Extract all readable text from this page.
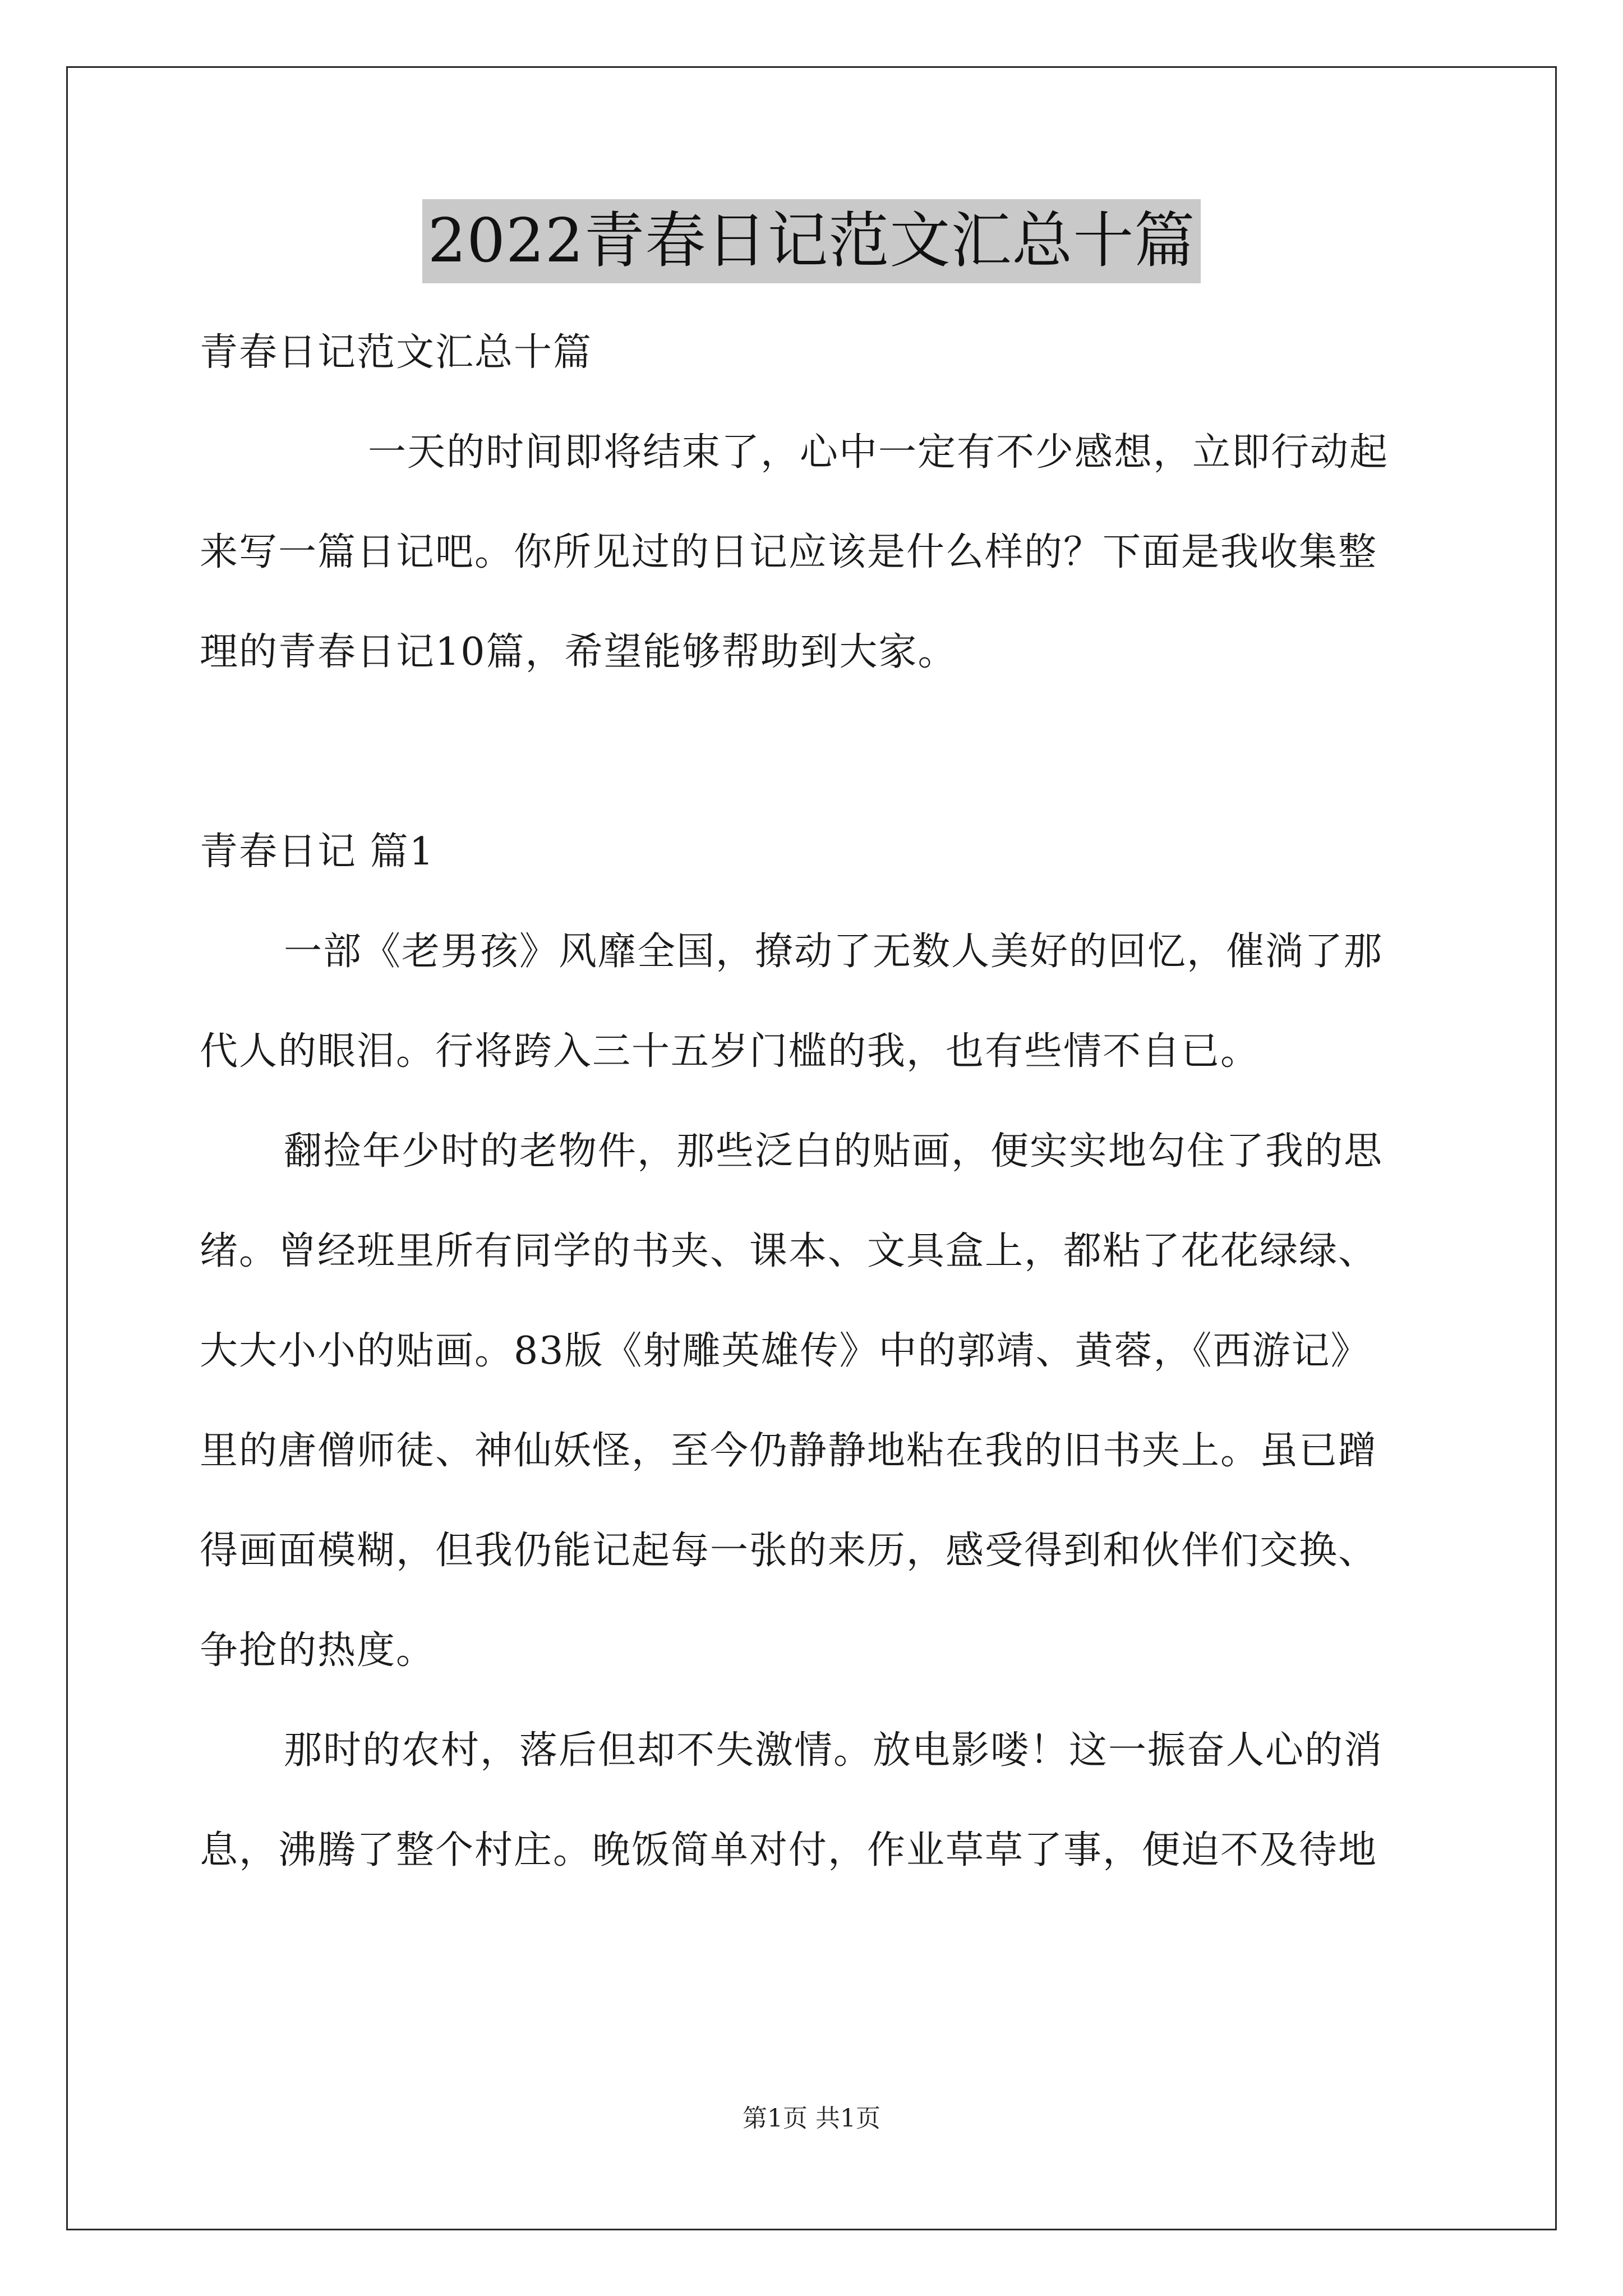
2022青春日记范文汇总十篇
青春日记范文汇总十篇
一天的时间即将结束了，心中一定有不少感想，立即行动起
来写一篇日记吧。你所见过的日记应该是什么样的？下面是我收集整
理的青春日记10篇，希望能够帮助到大家。
青春日记 篇1
一部《老男孩》风靡全国，撩动了无数人美好的回忆，催淌了那
代人的眼泪。行将跨入三十五岁门槛的我，也有些情不自已。
翻捡年少时的老物件，那些泛白的贴画，便实实地勾住了我的思
绪。曾经班里所有同学的书夹、课本、文具盒上，都粘了花花绿绿、
大大小小的贴画。83版《射雕英雄传》中的郭靖、黄蓉，《西游记》
里的唐僧师徒、神仙妖怪，至今仍静静地粘在我的旧书夹上。虽已蹭
得画面模糊，但我仍能记起每一张的来历，感受得到和伙伴们交换、
争抢的热度。
那时的农村，落后但却不失激情。放电影喽！这一振奋人心的消
息，沸腾了整个村庄。晚饭简单对付，作业草草了事，便迫不及待地
第1页 共1页
